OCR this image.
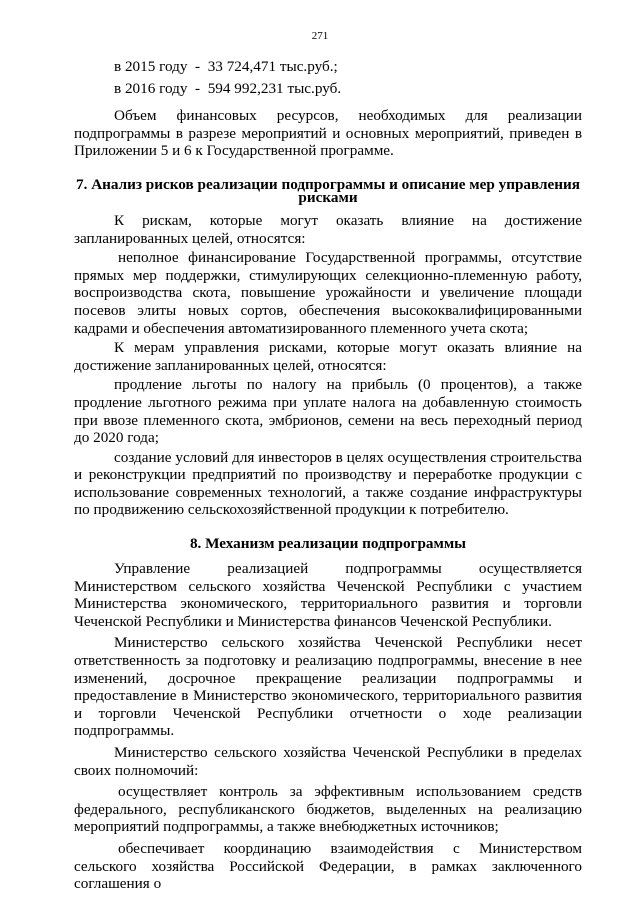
271

в 2015 году  -  33 724,471 тыс.руб.;

в 2016 году  -  594 992,231 тыс.руб.

Объем финансовых ресурсов, необходимых для реализации подпрограммы в разрезе мероприятий и основных мероприятий, приведен в Приложении 5 и 6 к Государственной программе.

7. Анализ рисков реализации подпрограммы и описание мер управления рисками

К рискам, которые могут оказать влияние на достижение запланированных целей, относятся:

неполное финансирование Государственной программы, отсутствие прямых мер поддержки, стимулирующих селекционно-племенную работу, воспроизводства скота, повышение урожайности и увеличение площади посевов элиты новых сортов, обеспечения высококвалифицированными кадрами и обеспечения автоматизированного племенного учета скота;

К мерам управления рисками, которые могут оказать влияние на достижение запланированных целей, относятся:

продление льготы по налогу на прибыль (0 процентов), а также продление льготного режима при уплате налога на добавленную стоимость при ввозе племенного скота, эмбрионов, семени на весь переходный период до 2020 года;

создание условий для инвесторов в целях осуществления строительства и реконструкции предприятий по производству и переработке продукции с использование современных технологий, а также создание инфраструктуры по продвижению сельскохозяйственной продукции к потребителю.

8. Механизм реализации подпрограммы

Управление реализацией подпрограммы осуществляется Министерством сельского хозяйства Чеченской Республики с участием Министерства экономического, территориального развития и торговли Чеченской Республики и Министерства финансов Чеченской Республики.

Министерство сельского хозяйства Чеченской Республики несет ответственность за подготовку и реализацию подпрограммы, внесение в нее изменений, досрочное прекращение реализации подпрограммы и предоставление в Министерство экономического, территориального развития и торговли Чеченской Республики отчетности о ходе реализации подпрограммы.

Министерство сельского хозяйства Чеченской Республики в пределах своих полномочий:

осуществляет контроль за эффективным использованием средств федерального, республиканского бюджетов, выделенных на реализацию мероприятий подпрограммы, а также внебюджетных источников;

обеспечивает координацию взаимодействия с Министерством сельского хозяйства Российской Федерации, в рамках заключенного соглашения о
